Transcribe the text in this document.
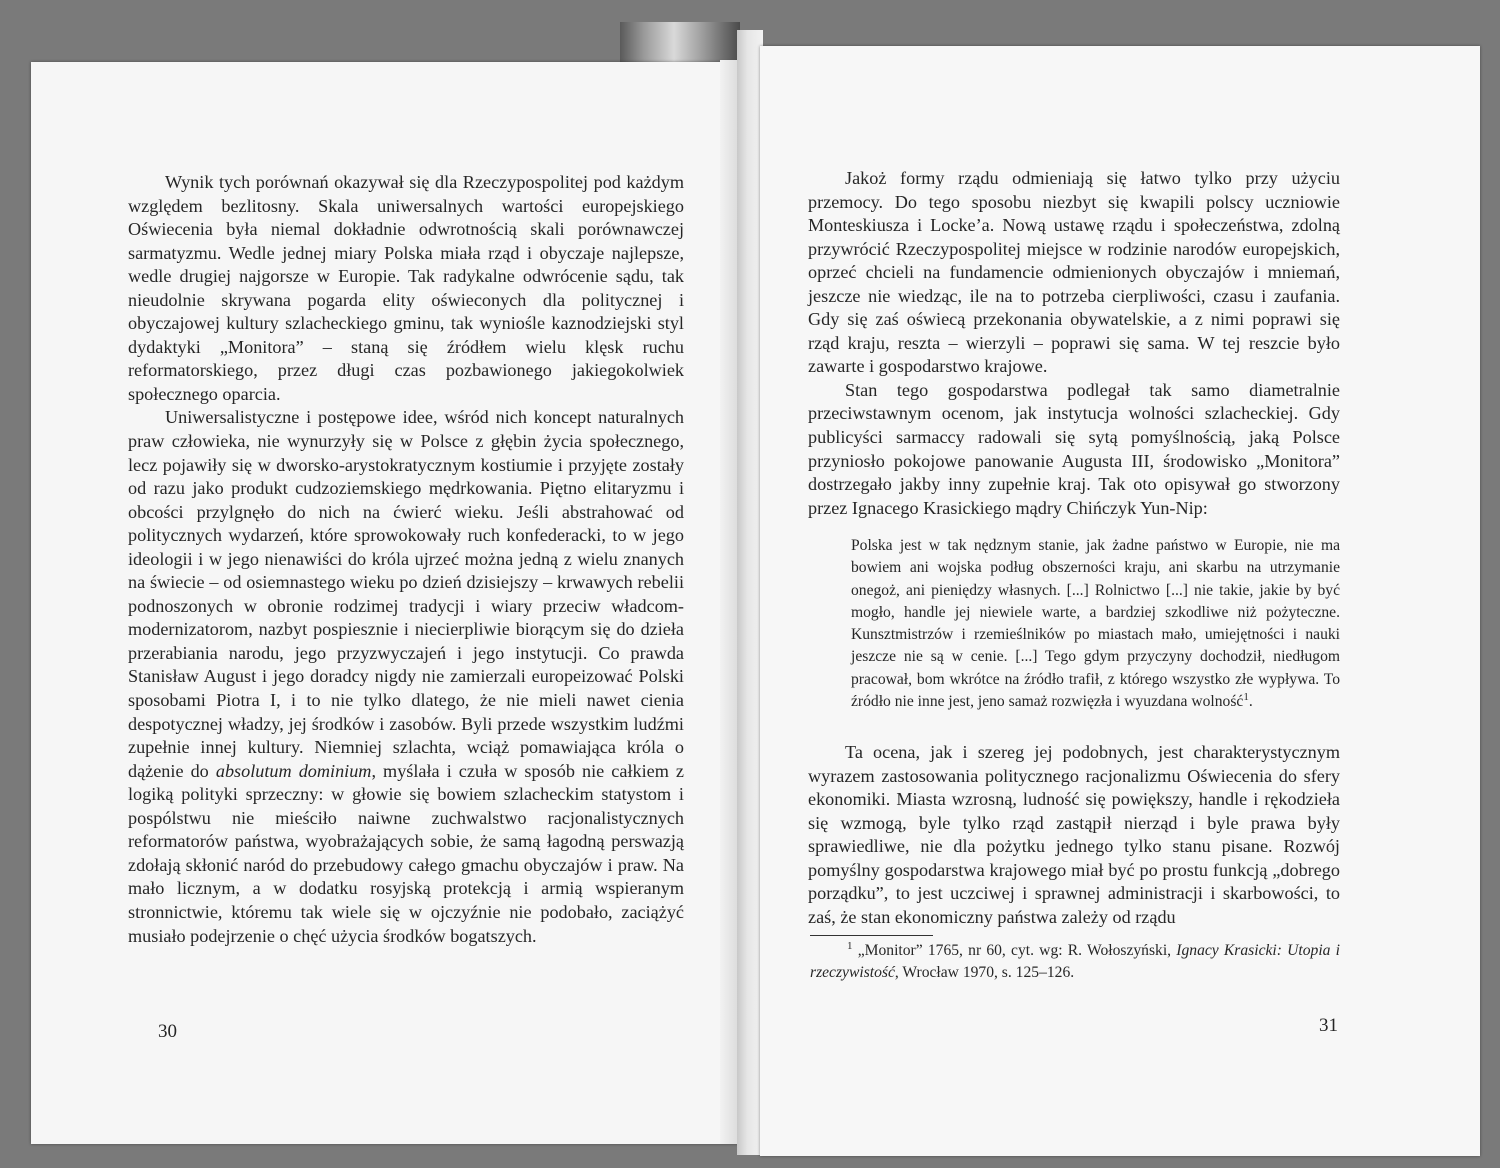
Wynik tych porównań okazywał się dla Rzeczypospolitej pod każdym względem bezlitosny. Skala uniwersalnych wartości europejskiego Oświecenia była niemal dokładnie odwrotnością skali porównawczej sarmatyzmu. Wedle jednej miary Polska miała rząd i obyczaje najlepsze, wedle drugiej najgorsze w Europie. Tak radykalne odwrócenie sądu, tak nieudolnie skrywana pogarda elity oświeconych dla politycznej i obyczajowej kultury szlacheckiego gminu, tak wyniośle kaznodziejski styl dydaktyki „Monitora” – staną się źródłem wielu klęsk ruchu reformatorskiego, przez długi czas pozbawionego jakiegokolwiek społecznego oparcia.

Uniwersalistyczne i postępowe idee, wśród nich koncept naturalnych praw człowieka, nie wynurzyły się w Polsce z głębin życia społecznego, lecz pojawiły się w dworsko-arystokratycznym kostiumie i przyjęte zostały od razu jako produkt cudzoziemskiego mędrkowania. Piętno elitaryzmu i obcości przylgnęło do nich na ćwierć wieku. Jeśli abstrahować od politycznych wydarzeń, które sprowokowały ruch konfederacki, to w jego ideologii i w jego nienawiści do króla ujrzeć można jedną z wielu znanych na świecie – od osiemnastego wieku po dzień dzisiejszy – krwawych rebelii podnoszonych w obronie rodzimej tradycji i wiary przeciw władcom-modernizatorom, nazbyt pospiesznie i niecierpliwie biorącym się do dzieła przerabiania narodu, jego przyzwyczajeń i jego instytucji. Co prawda Stanisław August i jego doradcy nigdy nie zamierzali europeizować Polski sposobami Piotra I, i to nie tylko dlatego, że nie mieli nawet cienia despotycznej władzy, jej środków i zasobów. Byli przede wszystkim ludźmi zupełnie innej kultury. Niemniej szlachta, wciąż pomawiająca króla o dążenie do absolutum dominium, myślała i czuła w sposób nie całkiem z logiką polityki sprzeczny: w głowie się bowiem szlacheckim statystom i pospólstwu nie mieściło naiwne zuchwalstwo racjonalistycznych reformatorów państwa, wyobrażających sobie, że samą łagodną perswazją zdołają skłonić naród do przebudowy całego gmachu obyczajów i praw. Na mało licznym, a w dodatku rosyjską protekcją i armią wspieranym stronnictwie, któremu tak wiele się w ojczyźnie nie podobało, zaciążyć musiało podejrzenie o chęć użycia środków bogatszych.

30

Jakoż formy rządu odmieniają się łatwo tylko przy użyciu przemocy. Do tego sposobu niezbyt się kwapili polscy uczniowie Monteskiusza i Locke’a. Nową ustawę rządu i społeczeństwa, zdolną przywrócić Rzeczypospolitej miejsce w rodzinie narodów europejskich, oprzeć chcieli na fundamencie odmienionych obyczajów i mniemań, jeszcze nie wiedząc, ile na to potrzeba cierpliwości, czasu i zaufania. Gdy się zaś oświecą przekonania obywatelskie, a z nimi poprawi się rząd kraju, reszta – wierzyli – poprawi się sama. W tej reszcie było zawarte i gospodarstwo krajowe.

Stan tego gospodarstwa podlegał tak samo diametralnie przeciwstawnym ocenom, jak instytucja wolności szlacheckiej. Gdy publicyści sarmaccy radowali się sytą pomyślnością, jaką Polsce przyniosło pokojowe panowanie Augusta III, środowisko „Monitora” dostrzegało jakby inny zupełnie kraj. Tak oto opisywał go stworzony przez Ignacego Krasickiego mądry Chińczyk Yun-Nip:

Polska jest w tak nędznym stanie, jak żadne państwo w Europie, nie ma bowiem ani wojska podług obszerności kraju, ani skarbu na utrzymanie onegoż, ani pieniędzy własnych. [...] Rolnictwo [...] nie takie, jakie by być mogło, handle jej niewiele warte, a bardziej szkodliwe niż pożyteczne. Kunsztmistrzów i rzemieślników po miastach mało, umiejętności i nauki jeszcze nie są w cenie. [...] Tego gdym przyczyny dochodził, niedługom pracował, bom wkrótce na źródło trafił, z którego wszystko złe wypływa. To źródło nie inne jest, jeno samaż rozwięzła i wyuzdana wolność$^1$.

Ta ocena, jak i szereg jej podobnych, jest charakterystycznym wyrazem zastosowania politycznego racjonalizmu Oświecenia do sfery ekonomiki. Miasta wzrosną, ludność się powiększy, handle i rękodzieła się wzmogą, byle tylko rząd zastąpił nierząd i byle prawa były sprawiedliwe, nie dla pożytku jednego tylko stanu pisane. Rozwój pomyślny gospodarstwa krajowego miał być po prostu funkcją „dobrego porządku”, to jest uczciwej i sprawnej administracji i skarbowości, to zaś, że stan ekonomiczny państwa zależy od rządu

$^1$ „Monitor” 1765, nr 60, cyt. wg: R. Wołoszyński, Ignacy Krasicki: Utopia i rzeczywistość, Wrocław 1970, s. 125–126.

31
